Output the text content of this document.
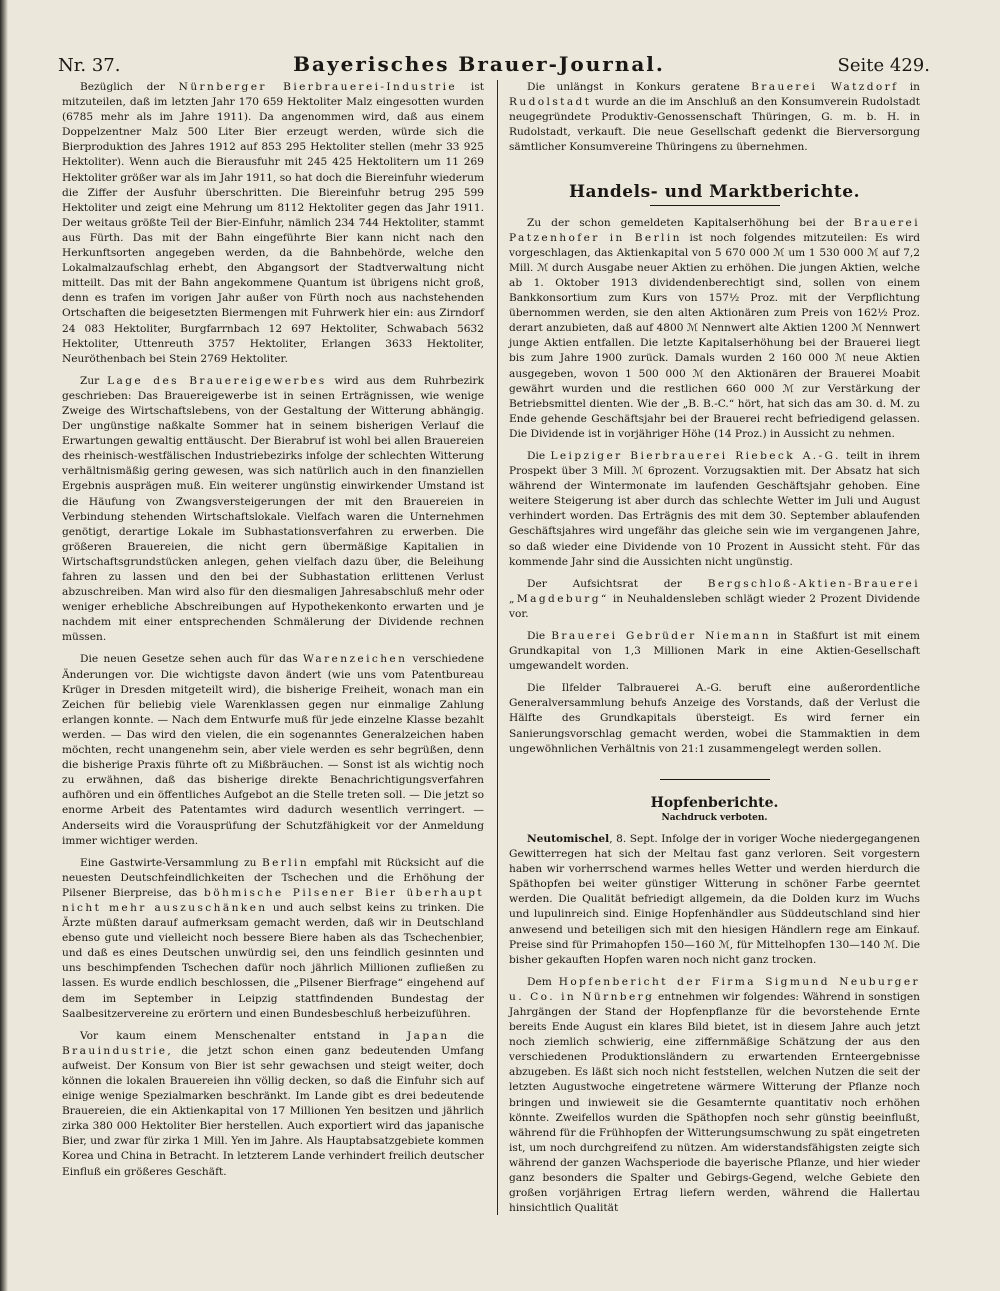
Nr. 37.	Bayerisches Brauer-Journal.	Seite 429.

Bezüglich der Nürnberger Bierbrauerei-Industrie ist mitzuteilen, daß im letzten Jahr 170 659 Hektoliter Malz eingesotten wurden (6785 mehr als im Jahre 1911). Da angenommen wird, daß aus einem Doppelzentner Malz 500 Liter Bier erzeugt werden, würde sich die Bierproduktion des Jahres 1912 auf 853 295 Hektoliter stellen (mehr 33 925 Hektoliter). Wenn auch die Bierausfuhr mit 245 425 Hektolitern um 11 269 Hektoliter größer war als im Jahr 1911, so hat doch die Biereinfuhr wiederum die Ziffer der Ausfuhr überschritten. Die Biereinfuhr betrug 295 599 Hektoliter und zeigt eine Mehrung um 8112 Hektoliter gegen das Jahr 1911. Der weitaus größte Teil der Bier-Einfuhr, nämlich 234 744 Hektoliter, stammt aus Fürth. Das mit der Bahn eingeführte Bier kann nicht nach den Herkunftsorten angegeben werden, da die Bahnbehörde, welche den Lokalmalzaufschlag erhebt, den Abgangsort der Stadtverwaltung nicht mitteilt. Das mit der Bahn angekommene Quantum ist übrigens nicht groß, denn es trafen im vorigen Jahr außer von Fürth noch aus nachstehenden Ortschaften die beigesetzten Biermengen mit Fuhrwerk hier ein: aus Zirndorf 24 083 Hektoliter, Burgfarrnbach 12 697 Hektoliter, Schwabach 5632 Hektoliter, Uttenreuth 3757 Hektoliter, Erlangen 3633 Hektoliter, Neuröthenbach bei Stein 2769 Hektoliter.

Zur Lage des Brauereigewerbes wird aus dem Ruhrbezirk geschrieben: Das Brauereigewerbe ist in seinen Erträgnissen, wie wenige Zweige des Wirtschaftslebens, von der Gestaltung der Witterung abhängig. Der ungünstige naßkalte Sommer hat in seinem bisherigen Verlauf die Erwartungen gewaltig enttäuscht. Der Bierabruf ist wohl bei allen Brauereien des rheinisch-westfälischen Industriebezirks infolge der schlechten Witterung verhältnismäßig gering gewesen, was sich natürlich auch in den finanziellen Ergebnis ausprägen muß. Ein weiterer ungünstig einwirkender Umstand ist die Häufung von Zwangsversteigerungen der mit den Brauereien in Verbindung stehenden Wirtschaftslokale. Vielfach waren die Unternehmen genötigt, derartige Lokale im Subhastationsverfahren zu erwerben. Die größeren Brauereien, die nicht gern übermäßige Kapitalien in Wirtschaftsgrundstücken anlegen, gehen vielfach dazu über, die Beleihung fahren zu lassen und den bei der Subhastation erlittenen Verlust abzuschreiben. Man wird also für den diesmaligen Jahresabschluß mehr oder weniger erhebliche Abschreibungen auf Hypothekenkonto erwarten und je nachdem mit einer entsprechenden Schmälerung der Dividende rechnen müssen.

Die neuen Gesetze sehen auch für das Warenzeichen verschiedene Änderungen vor. Die wichtigste davon ändert (wie uns vom Patentbureau Krüger in Dresden mitgeteilt wird), die bisherige Freiheit, wonach man ein Zeichen für beliebig viele Warenklassen gegen nur einmalige Zahlung erlangen konnte. — Nach dem Entwurfe muß für jede einzelne Klasse bezahlt werden. — Das wird den vielen, die ein sogenanntes Generalzeichen haben möchten, recht unangenehm sein, aber viele werden es sehr begrüßen, denn die bisherige Praxis führte oft zu Mißbräuchen. — Sonst ist als wichtig noch zu erwähnen, daß das bisherige direkte Benachrichtigungsverfahren aufhören und ein öffentliches Aufgebot an die Stelle treten soll. — Die jetzt so enorme Arbeit des Patentamtes wird dadurch wesentlich verringert. — Anderseits wird die Vorausprüfung der Schutzfähigkeit vor der Anmeldung immer wichtiger werden.

Eine Gastwirte-Versammlung zu Berlin empfahl mit Rücksicht auf die neuesten Deutschfeindlichkeiten der Tschechen und die Erhöhung der Pilsener Bierpreise, das böhmische Pilsener Bier überhaupt nicht mehr auszuschänken und auch selbst keins zu trinken. Die Ärzte müßten darauf aufmerksam gemacht werden, daß wir in Deutschland ebenso gute und vielleicht noch bessere Biere haben als das Tschechenbier, und daß es eines Deutschen unwürdig sei, den uns feindlich gesinnten und uns beschimpfenden Tschechen dafür noch jährlich Millionen zufließen zu lassen. Es wurde endlich beschlossen, die „Pilsener Bierfrage“ eingehend auf dem im September in Leipzig stattfindenden Bundestag der Saalbesitzervereine zu erörtern und einen Bundesbeschluß herbeizuführen.

Vor kaum einem Menschenalter entstand in Japan die Brauindustrie, die jetzt schon einen ganz bedeutenden Umfang aufweist. Der Konsum von Bier ist sehr gewachsen und steigt weiter, doch können die lokalen Brauereien ihn völlig decken, so daß die Einfuhr sich auf einige wenige Spezialmarken beschränkt. Im Lande gibt es drei bedeutende Brauereien, die ein Aktienkapital von 17 Millionen Yen besitzen und jährlich zirka 380 000 Hektoliter Bier herstellen. Auch exportiert wird das japanische Bier, und zwar für zirka 1 Mill. Yen im Jahre. Als Hauptabsatzgebiete kommen Korea und China in Betracht. In letzterem Lande verhindert freilich deutscher Einfluß ein größeres Geschäft.

Die unlängst in Konkurs geratene Brauerei Watzdorf in Rudolstadt wurde an die im Anschluß an den Konsumverein Rudolstadt neugegründete Produktiv-Genossenschaft Thüringen, G. m. b. H. in Rudolstadt, verkauft. Die neue Gesellschaft gedenkt die Bierversorgung sämtlicher Konsumvereine Thüringens zu übernehmen.

Handels- und Marktberichte.

Zu der schon gemeldeten Kapitalserhöhung bei der Brauerei Patzenhofer in Berlin ist noch folgendes mitzuteilen: Es wird vorgeschlagen, das Aktienkapital von 5 670 000 ℳ um 1 530 000 ℳ auf 7,2 Mill. ℳ durch Ausgabe neuer Aktien zu erhöhen. Die jungen Aktien, welche ab 1. Oktober 1913 dividendenberechtigt sind, sollen von einem Bankkonsortium zum Kurs von 157½ Proz. mit der Verpflichtung übernommen werden, sie den alten Aktionären zum Preis von 162½ Proz. derart anzubieten, daß auf 4800 ℳ Nennwert alte Aktien 1200 ℳ Nennwert junge Aktien entfallen. Die letzte Kapitalserhöhung bei der Brauerei liegt bis zum Jahre 1900 zurück. Damals wurden 2 160 000 ℳ neue Aktien ausgegeben, wovon 1 500 000 ℳ den Aktionären der Brauerei Moabit gewährt wurden und die restlichen 660 000 ℳ zur Verstärkung der Betriebsmittel dienten. Wie der „B. B.-C.“ hört, hat sich das am 30. d. M. zu Ende gehende Geschäftsjahr bei der Brauerei recht befriedigend gelassen. Die Dividende ist in vorjähriger Höhe (14 Proz.) in Aussicht zu nehmen.

Die Leipziger Bierbrauerei Riebeck A.-G. teilt in ihrem Prospekt über 3 Mill. ℳ 6prozent. Vorzugsaktien mit. Der Absatz hat sich während der Wintermonate im laufenden Geschäftsjahr gehoben. Eine weitere Steigerung ist aber durch das schlechte Wetter im Juli und August verhindert worden. Das Erträgnis des mit dem 30. September ablaufenden Geschäftsjahres wird ungefähr das gleiche sein wie im vergangenen Jahre, so daß wieder eine Dividende von 10 Prozent in Aussicht steht. Für das kommende Jahr sind die Aussichten nicht ungünstig.

Der Aufsichtsrat der Bergschloß-Aktien-Brauerei „Magdeburg“ in Neuhaldensleben schlägt wieder 2 Prozent Dividende vor.

Die Brauerei Gebrüder Niemann in Staßfurt ist mit einem Grundkapital von 1,3 Millionen Mark in eine Aktien-Gesellschaft umgewandelt worden.

Die Ilfelder Talbrauerei A.-G. beruft eine außerordentliche Generalversammlung behufs Anzeige des Vorstands, daß der Verlust die Hälfte des Grundkapitals übersteigt. Es wird ferner ein Sanierungsvorschlag gemacht werden, wobei die Stammaktien in dem ungewöhnlichen Verhältnis von 21:1 zusammengelegt werden sollen.

Hopfenberichte.
Nachdruck verboten.

Neutomischel, 8. Sept. Infolge der in voriger Woche niedergegangenen Gewitterregen hat sich der Meltau fast ganz verloren. Seit vorgestern haben wir vorherrschend warmes helles Wetter und werden hierdurch die Späthopfen bei weiter günstiger Witterung in schöner Farbe geerntet werden. Die Qualität befriedigt allgemein, da die Dolden kurz im Wuchs und lupulinreich sind. Einige Hopfenhändler aus Süddeutschland sind hier anwesend und beteiligen sich mit den hiesigen Händlern rege am Einkauf. Preise sind für Primahopfen 150—160 ℳ, für Mittelhopfen 130—140 ℳ. Die bisher gekauften Hopfen waren noch nicht ganz trocken.

Dem Hopfenbericht der Firma Sigmund Neuburger u. Co. in Nürnberg entnehmen wir folgendes: Während in sonstigen Jahrgängen der Stand der Hopfenpflanze für die bevorstehende Ernte bereits Ende August ein klares Bild bietet, ist in diesem Jahre auch jetzt noch ziemlich schwierig, eine ziffernmäßige Schätzung der aus den verschiedenen Produktionsländern zu erwartenden Ernteergebnisse abzugeben. Es läßt sich noch nicht feststellen, welchen Nutzen die seit der letzten Augustwoche eingetretene wärmere Witterung der Pflanze noch bringen und inwieweit sie die Gesamternte quantitativ noch erhöhen könnte. Zweifellos wurden die Späthopfen noch sehr günstig beeinflußt, während für die Frühhopfen der Witterungsumschwung zu spät eingetreten ist, um noch durchgreifend zu nützen. Am widerstandsfähigsten zeigte sich während der ganzen Wachsperiode die bayerische Pflanze, und hier wieder ganz besonders die Spalter und Gebirgs-Gegend, welche Gebiete den großen vorjährigen Ertrag liefern werden, während die Hallertau hinsichtlich Qualität
